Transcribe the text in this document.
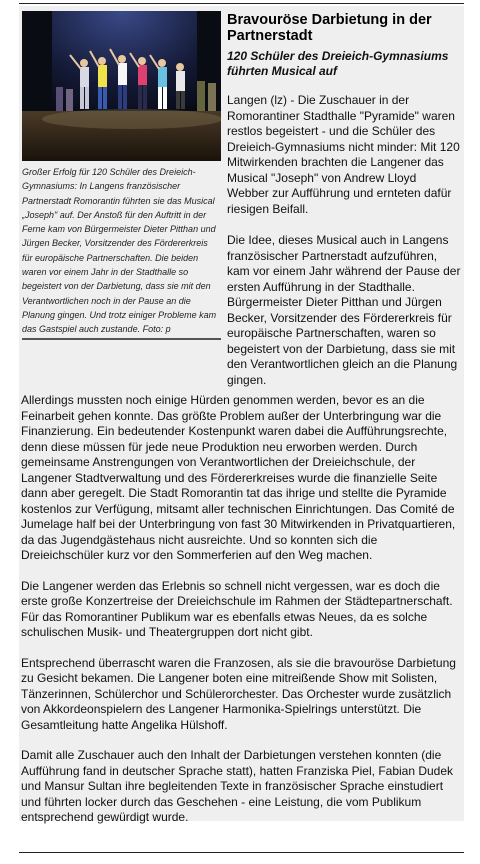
Großer Erfolg für 120 Schüler des Dreieich-Gymnasiums: In Langens französischer Partnerstadt Romorantin führten sie das Musical „Joseph" auf. Der Anstoß für den Auftritt in der Ferne kam von Bürgermeister Dieter Pitthan und Jürgen Becker, Vorsitzender des Fördererkreis für europäische Partnerschaften. Die beiden waren vor einem Jahr in der Stadthalle so begeistert von der Darbietung, dass sie mit den Verantwortlichen noch in der Pause an die Planung gingen. Und trotz einiger Probleme kam das Gastspiel auch zustande. Foto: p
Bravouröse Darbietung in der Partnerstadt
120 Schüler des Dreieich-Gymnasiums führten Musical auf

Langen (lz) - Die Zuschauer in der Romorantiner Stadthalle "Pyramide" waren restlos begeistert - und die Schüler des Dreieich-Gymnasiums nicht minder: Mit 120 Mitwirkenden brachten die Langener das Musical "Joseph" von Andrew Lloyd Webber zur Aufführung und ernteten dafür riesigen Beifall.

Die Idee, dieses Musical auch in Langens französischer Partnerstadt aufzuführen, kam vor einem Jahr während der Pause der ersten Aufführung in der Stadthalle. Bürgermeister Dieter Pitthan und Jürgen Becker, Vorsitzender des Fördererkreis für europäische Partnerschaften, waren so begeistert von der Darbietung, dass sie mit den Verantwortlichen gleich an die Planung gingen.

Allerdings mussten noch einige Hürden genommen werden, bevor es an die Feinarbeit gehen konnte. Das größte Problem außer der Unterbringung war die Finanzierung. Ein bedeutender Kostenpunkt waren dabei die Aufführungsrechte, denn diese müssen für jede neue Produktion neu erworben werden. Durch gemeinsame Anstrengungen von Verantwortlichen der Dreieichschule, der Langener Stadtverwaltung und des Fördererkreises wurde die finanzielle Seite dann aber geregelt. Die Stadt Romorantin tat das ihrige und stellte die Pyramide kostenlos zur Verfügung, mitsamt aller technischen Einrichtungen. Das Comité de Jumelage half bei der Unterbringung von fast 30 Mitwirkenden in Privatquartieren, da das Jugendgästehaus nicht ausreichte. Und so konnten sich die Dreieichschüler kurz vor den Sommerferien auf den Weg machen.

Die Langener werden das Erlebnis so schnell nicht vergessen, war es doch die erste große Konzertreise der Dreieichschule im Rahmen der Städtepartnerschaft. Für das Romorantiner Publikum war es ebenfalls etwas Neues, da es solche schulischen Musik- und Theatergruppen dort nicht gibt.

Entsprechend überrascht waren die Franzosen, als sie die bravouröse Darbietung zu Gesicht bekamen. Die Langener boten eine mitreißende Show mit Solisten, Tänzerinnen, Schülerchor und Schülerorchester. Das Orchester wurde zusätzlich von Akkordeonspielern des Langener Harmonika-Spielrings unterstützt. Die Gesamtleitung hatte Angelika Hülshoff.

Damit alle Zuschauer auch den Inhalt der Darbietungen verstehen konnten (die Aufführung fand in deutscher Sprache statt), hatten Franziska Piel, Fabian Dudek und Mansur Sultan ihre begleitenden Texte in französischer Sprache einstudiert und führten locker durch das Geschehen - eine Leistung, die vom Publikum entsprechend gewürdigt wurde.
